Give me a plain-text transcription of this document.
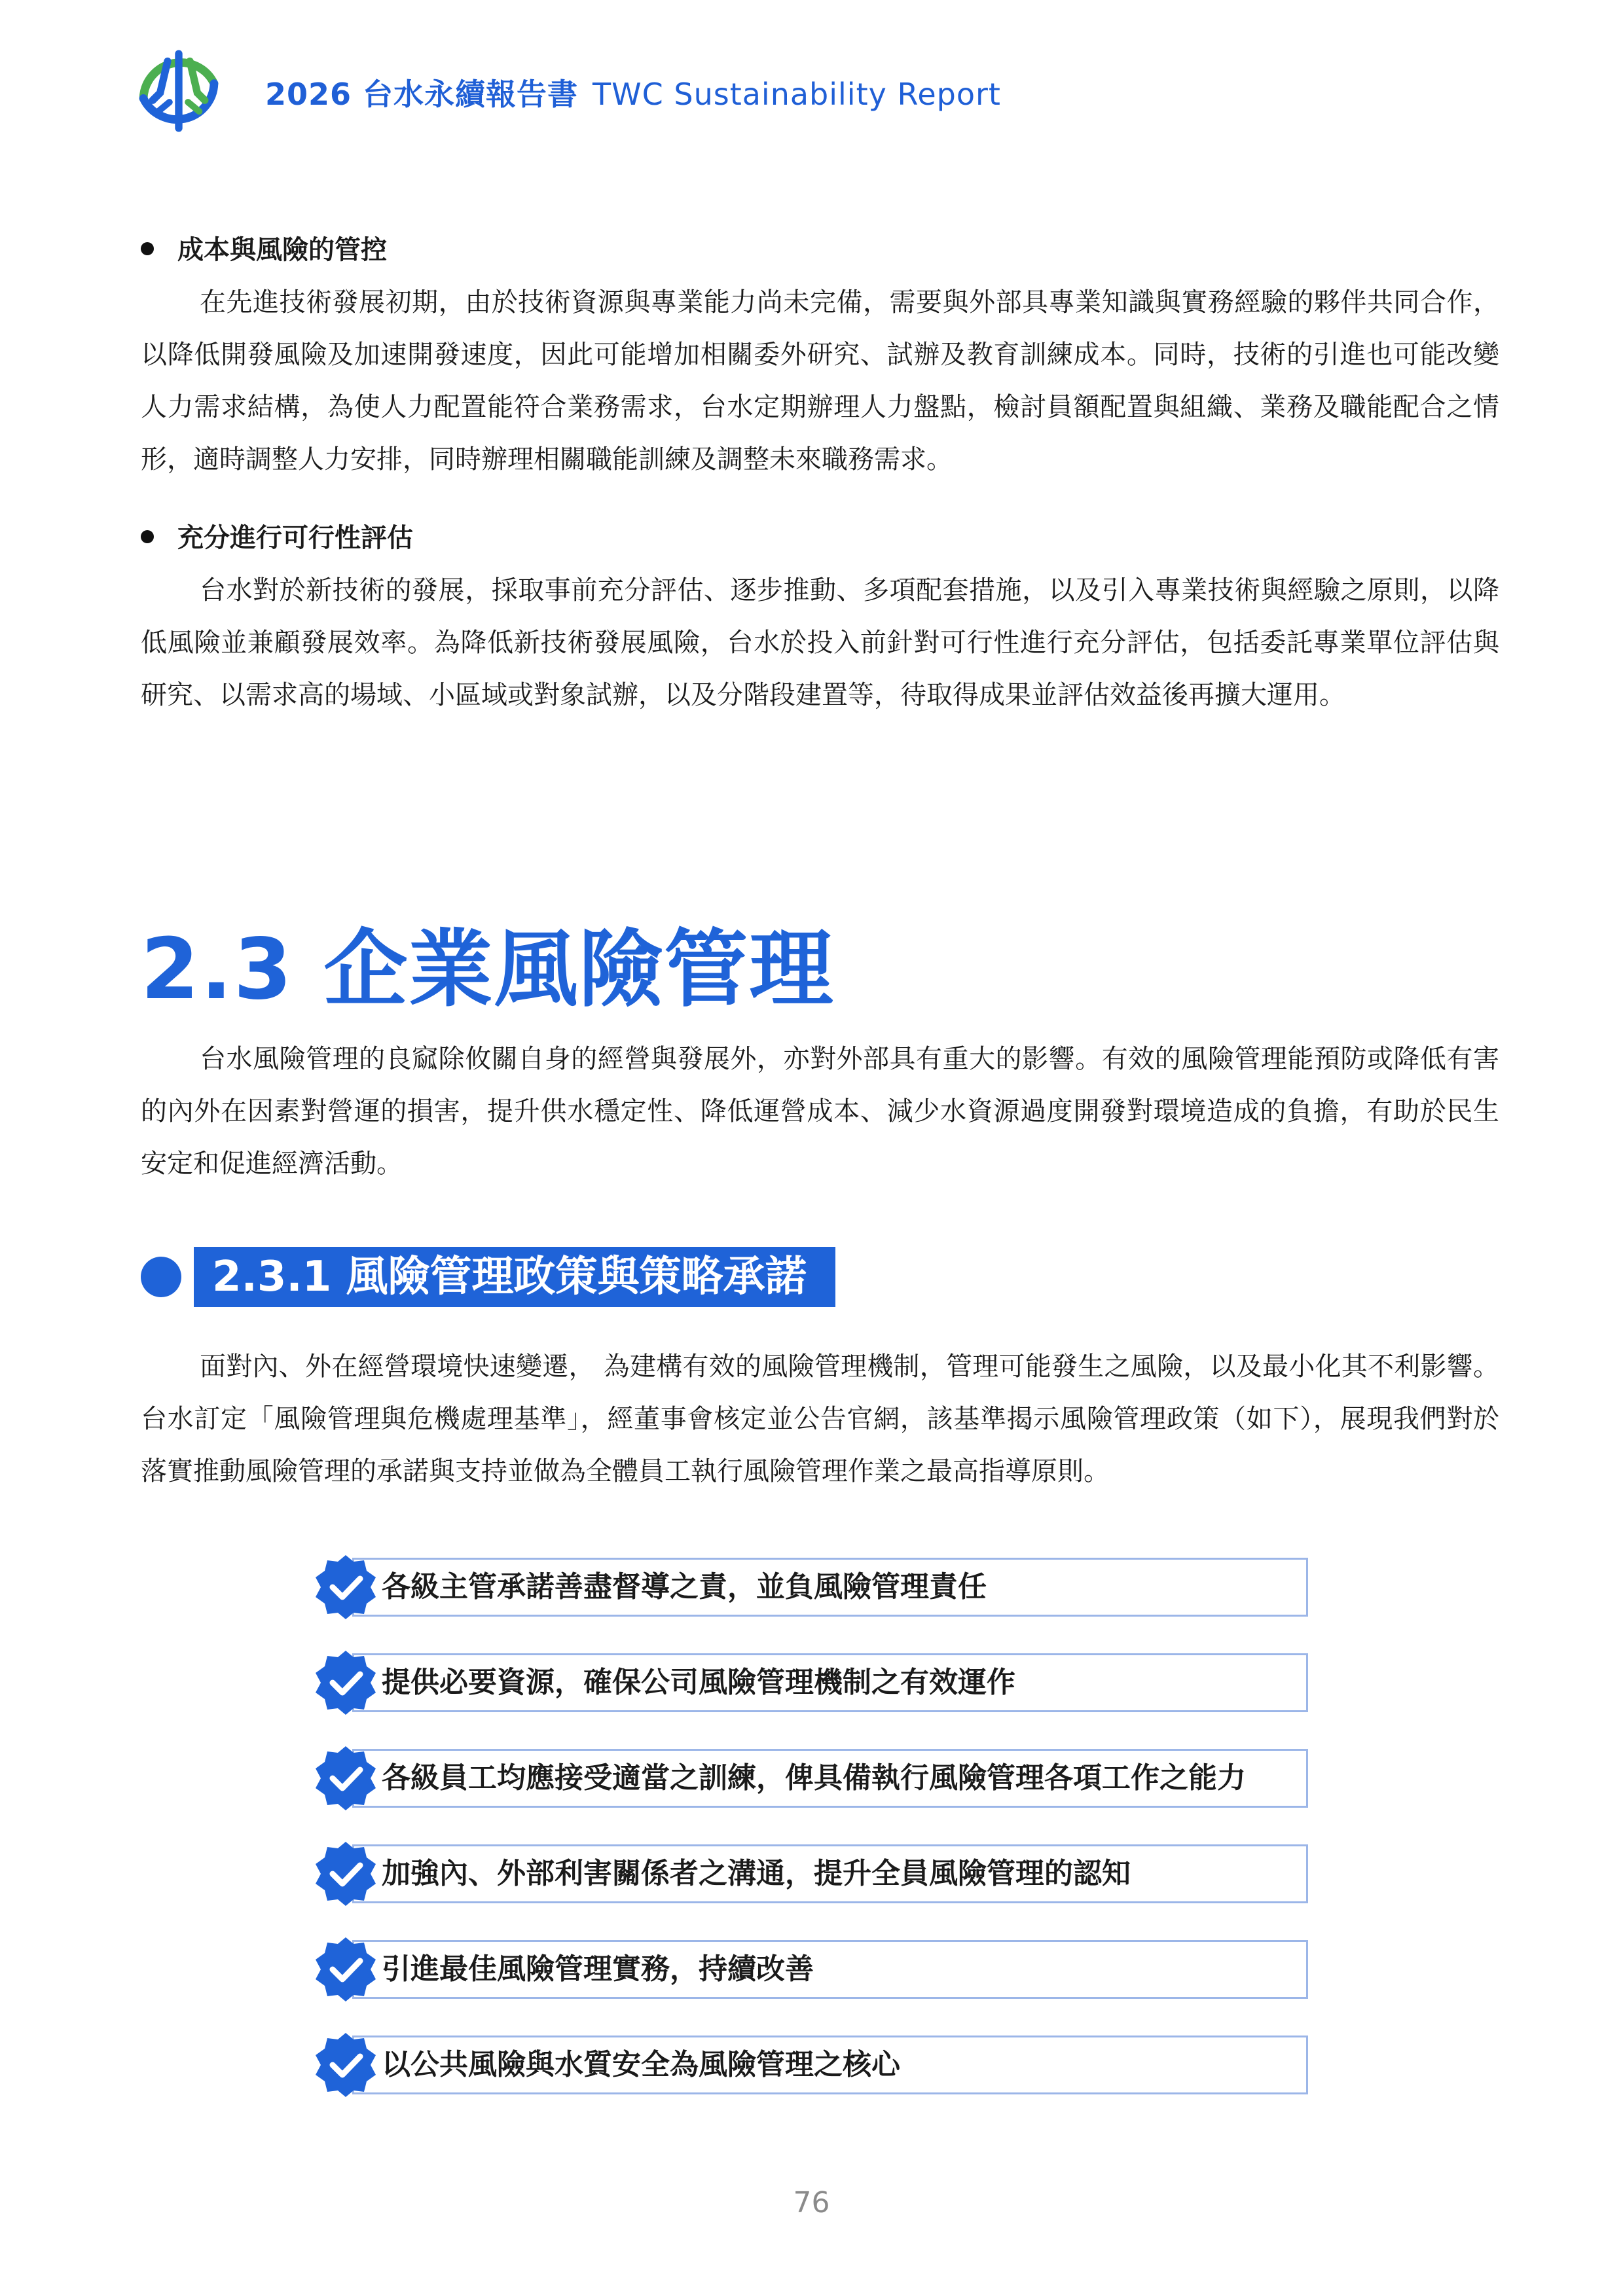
2026 台水永續報告書 TWC Sustainability Report
成本與風險的管控
在先進技術發展初期，由於技術資源與專業能力尚未完備，需要與外部具專業知識與實務經驗的夥伴共同合作，以降低開發風險及加速開發速度，因此可能增加相關委外研究、試辦及教育訓練成本。同時，技術的引進也可能改變人力需求結構，為使人力配置能符合業務需求，台水定期辦理人力盤點，檢討員額配置與組織、業務及職能配合之情形，適時調整人力安排，同時辦理相關職能訓練及調整未來職務需求。
充分進行可行性評估
台水對於新技術的發展，採取事前充分評估、逐步推動、多項配套措施，以及引入專業技術與經驗之原則，以降低風險並兼顧發展效率。為降低新技術發展風險，台水於投入前針對可行性進行充分評估，包括委託專業單位評估與研究、以需求高的場域、小區域或對象試辦，以及分階段建置等，待取得成果並評估效益後再擴大運用。
2.3 企業風險管理
台水風險管理的良窳除攸關自身的經營與發展外，亦對外部具有重大的影響。有效的風險管理能預防或降低有害的內外在因素對營運的損害，提升供水穩定性、降低運營成本、減少水資源過度開發對環境造成的負擔，有助於民生安定和促進經濟活動。
2.3.1 風險管理政策與策略承諾
面對內、外在經營環境快速變遷， 為建構有效的風險管理機制，管理可能發生之風險，以及最小化其不利影響。台水訂定「風險管理與危機處理基準」，經董事會核定並公告官網，該基準揭示風險管理政策（如下），展現我們對於落實推動風險管理的承諾與支持並做為全體員工執行風險管理作業之最高指導原則。
各級主管承諾善盡督導之責，並負風險管理責任
提供必要資源，確保公司風險管理機制之有效運作
各級員工均應接受適當之訓練，俾具備執行風險管理各項工作之能力
加強內、外部利害關係者之溝通，提升全員風險管理的認知
引進最佳風險管理實務，持續改善
以公共風險與水質安全為風險管理之核心
76
